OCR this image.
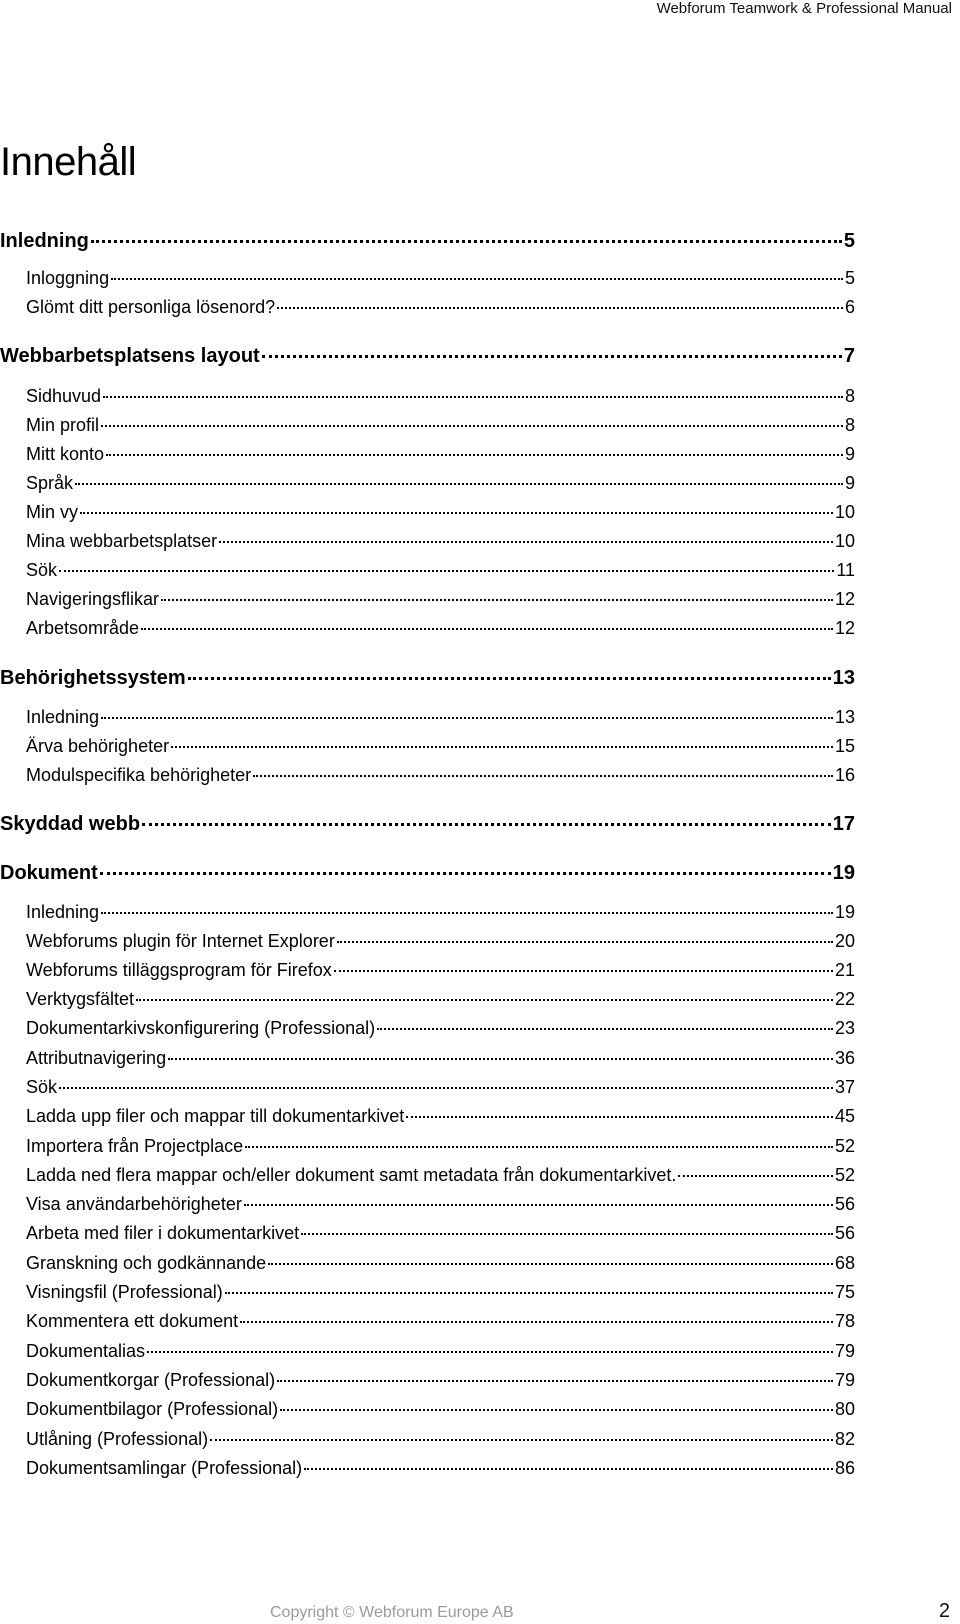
Webforum Teamwork & Professional Manual
Innehåll
Inledning	5
Inloggning	5
Glömt ditt personliga lösenord?	6
Webbarbetsplatsens layout	7
Sidhuvud	8
Min profil	8
Mitt konto	9
Språk	9
Min vy	10
Mina webbarbetsplatser	10
Sök	11
Navigeringsflikar	12
Arbetsområde	12
Behörighetssystem	13
Inledning	13
Ärva behörigheter	15
Modulspecifika behörigheter	16
Skyddad webb	17
Dokument	19
Inledning	19
Webforums plugin för Internet Explorer	20
Webforums tilläggsprogram för Firefox	21
Verktygsfältet	22
Dokumentarkivskonfigurering (Professional)	23
Attributnavigering	36
Sök	37
Ladda upp filer och mappar till dokumentarkivet	45
Importera från Projectplace	52
Ladda ned flera mappar och/eller dokument samt metadata från dokumentarkivet.	52
Visa användarbehörigheter	56
Arbeta med filer i dokumentarkivet	56
Granskning och godkännande	68
Visningsfil (Professional)	75
Kommentera ett dokument	78
Dokumentalias	79
Dokumentkorgar (Professional)	79
Dokumentbilagor (Professional)	80
Utlåning (Professional)	82
Dokumentsamlingar (Professional)	86
Copyright © Webforum Europe AB	2
